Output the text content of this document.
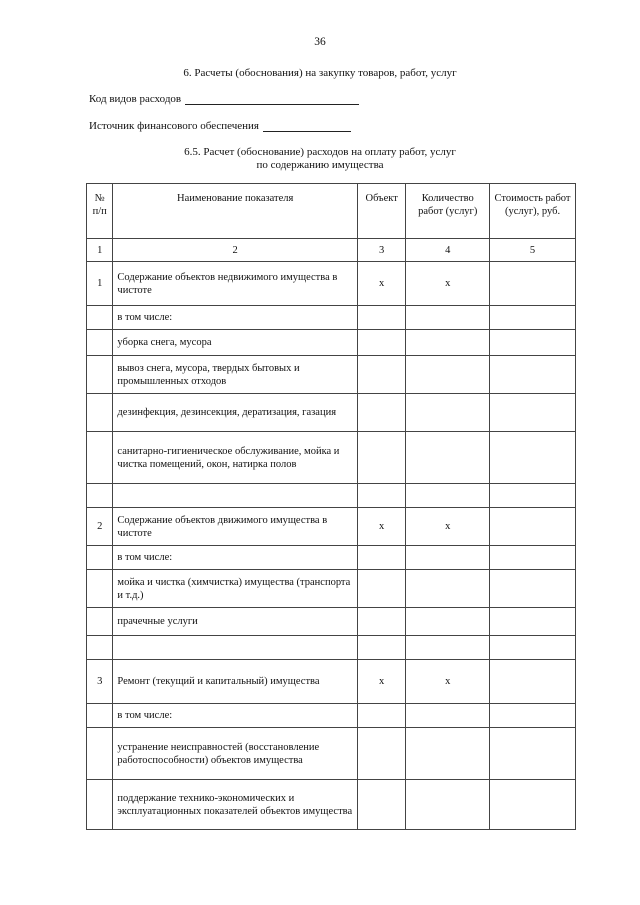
36
6. Расчеты (обоснования) на закупку товаров, работ, услуг
Код видов расходов
Источник финансового обеспечения
6.5. Расчет (обоснование) расходов на оплату работ, услуг
по содержанию имущества
№ п/п	Наименование показателя	Объект	Количество работ (услуг)	Стоимость работ (услуг), руб.
1	2	3	4	5
1	Содержание объектов недвижимого имущества в чистоте	х	х	
	в том числе:			
	уборка снега, мусора			
	вывоз снега, мусора, твердых бытовых и промышленных отходов			
	дезинфекция, дезинсекция, дератизация, газация			
	санитарно-гигиеническое обслуживание, мойка и чистка помещений, окон, натирка полов			

2	Содержание объектов движимого имущества в чистоте	х	х	
	в том числе:			
	мойка и чистка (химчистка) имущества (транспорта и т.д.)			
	прачечные услуги			

3	Ремонт (текущий и капитальный) имущества	х	х	
	в том числе:			
	устранение неисправностей (восстановление работоспособности) объектов имущества			
	поддержание технико-экономических и эксплуатационных показателей объектов имущества			
